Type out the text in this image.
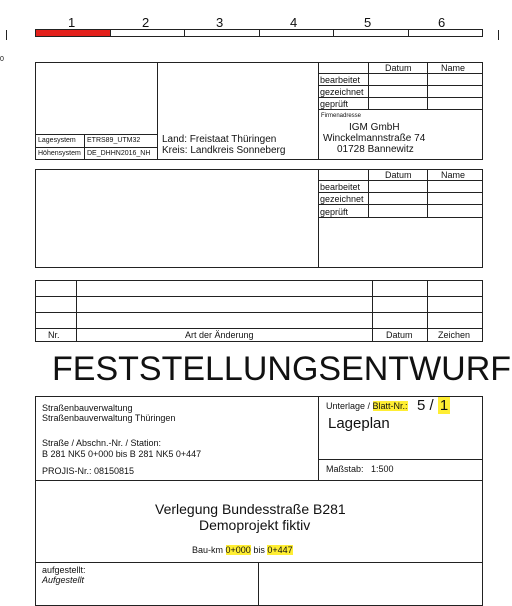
1	2	3	4	5	6
0
Lagesystem ETRS89_UTM32
Höhensystem DE_DHHN2016_NH
Land: Freistaat Thüringen
Kreis: Landkreis Sonneberg
Datum	Name
bearbeitet
gezeichnet
geprüft
Firmenadresse
IGM GmbH
Winckelmannstraße 74
01728 Bannewitz
Datum	Name
bearbeitet
gezeichnet
geprüft
Nr.	Art der Änderung	Datum	Zeichen
FESTSTELLUNGSENTWURF
Straßenbauverwaltung
Straßenbauverwaltung Thüringen
Straße / Abschn.-Nr. / Station:
B 281 NK5 0+000 bis B 281 NK5 0+447
PROJIS-Nr.: 08150815
Unterlage / Blatt-Nr.: 5 / 1
Lageplan
Maßstab: 1:500
Verlegung Bundesstraße B281
Demoprojekt fiktiv
Bau-km 0+000 bis 0+447
aufgestellt:
Aufgestellt
